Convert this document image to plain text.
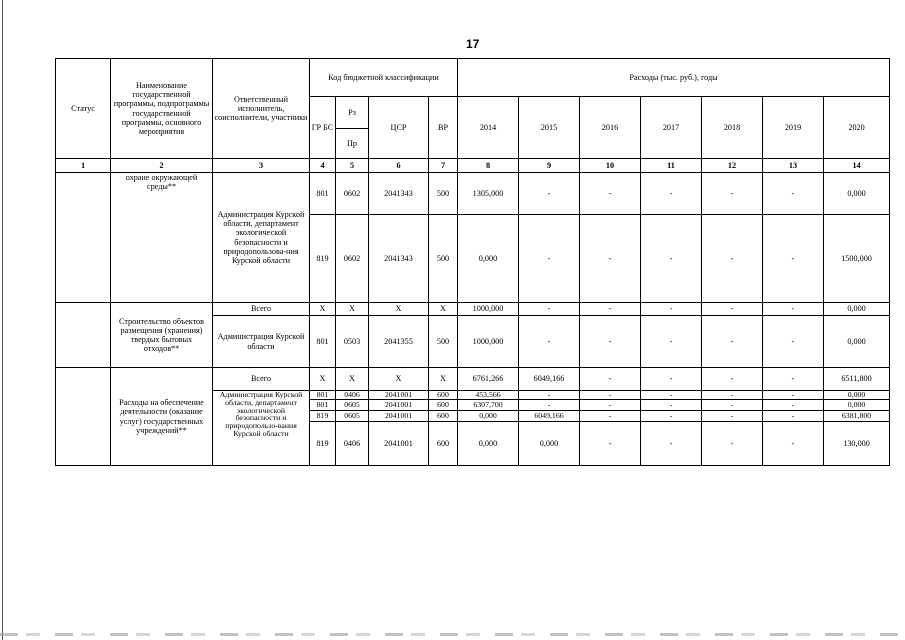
17
Статус	Наименование государственной программы, подпрограммы государственной программы, основного мероприятия	Ответственный исполнитель, соисполнители, участники	Код бюджетной классификации				Расходы (тыс. руб.), годы						
			ГР БС	Рз	ЦСР	ВР	2014	2015	2016	2017	2018	2019	2020
				Пр									
1	2	3	4	5	6	7	8	9	10	11	12	13	14
	охране окружающей среды**	Администрация Курской области, департамент экологической безопасности и природопользова-ния Курской области	801	0602	2041343	500	1305,000	-	-	-	-	-	0,000
			819	0602	2041343	500	0,000	-	-	-	-	-	1500,000
	Строительство объектов размещения (хранения) твердых бытовых отходов**	Всего	Х	Х	Х	Х	1000,000	-	-	-	-	-	0,000
		Администрация Курской области	801	0503	2041355	500	1000,000	-	-	-	-	-	0,000
	Расходы на обеспечение деятельности (оказание услуг) государственных учреждений**	Всего	Х	Х	Х	Х	6761,266	6049,166	-	-	-	-	6511,800
		Администрация Курской области, департамент экологической безопасности и природопользо-вания Курской области	801	0406	2041001	600	453,566	-	-	-	-	-	0,000
			801	0605	2041001	600	6307,700	-	-	-	-	-	0,000
			819	0605	2041001	600	0,000	6049,166	-	-	-	-	6381,800
			819	0406	2041001	600	0,000	0,000	-	-	-	-	130,000
